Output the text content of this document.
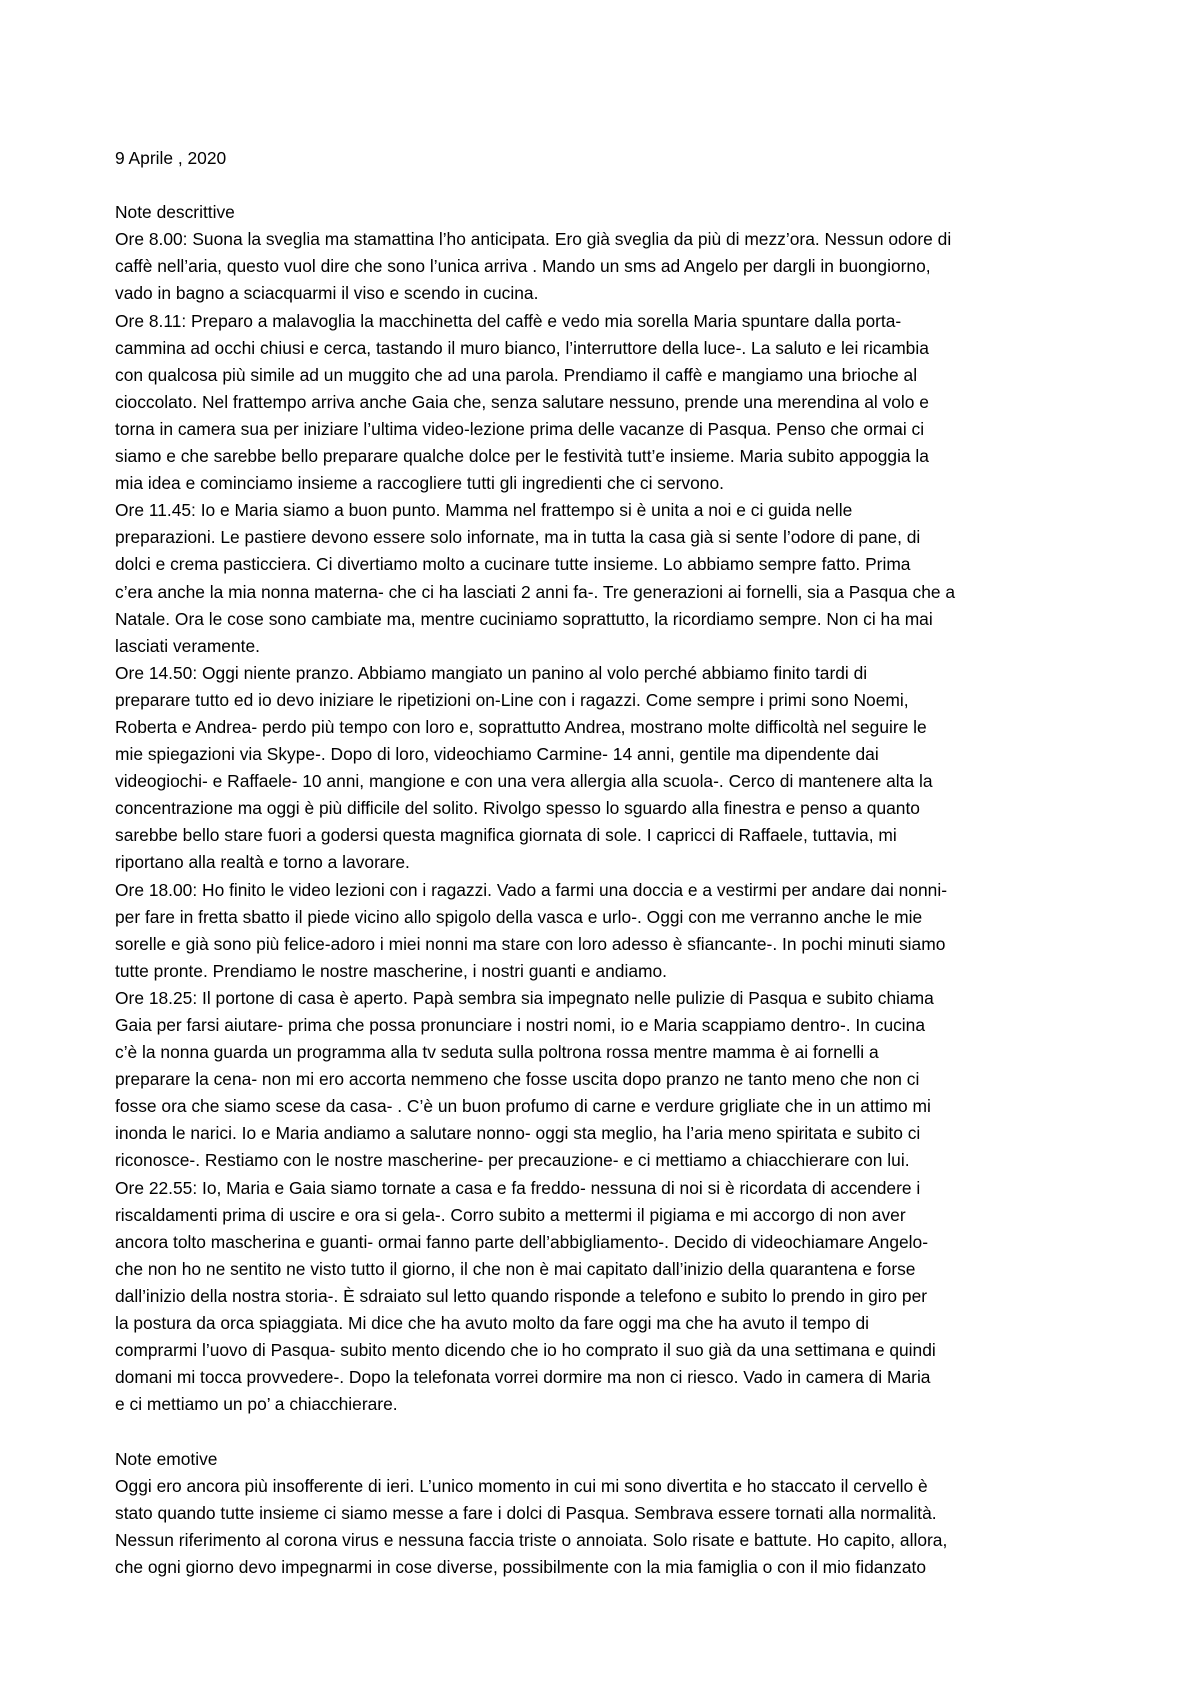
9 Aprile , 2020
Note descrittive
Ore 8.00: Suona la sveglia ma stamattina l’ho anticipata. Ero già sveglia da più di mezz’ora. Nessun odore di
caffè nell’aria, questo vuol dire che sono l’unica arriva . Mando un sms ad Angelo per dargli in buongiorno,
vado in bagno a sciacquarmi il viso e scendo in cucina.
Ore 8.11: Preparo a malavoglia la macchinetta del caffè e vedo mia sorella Maria spuntare dalla porta-
cammina ad occhi chiusi e cerca, tastando il muro bianco, l’interruttore della luce-. La saluto e lei ricambia
con qualcosa più simile ad un muggito che ad una parola. Prendiamo il caffè e mangiamo una brioche al
cioccolato. Nel frattempo arriva anche Gaia che, senza salutare nessuno, prende una merendina al volo e
torna in camera sua per iniziare l’ultima video-lezione prima delle vacanze di Pasqua. Penso che ormai ci
siamo e che sarebbe bello preparare qualche dolce per le festività tutt’e insieme. Maria subito appoggia la
mia idea e cominciamo insieme a raccogliere tutti gli ingredienti che ci servono.
Ore 11.45: Io e Maria siamo a buon punto. Mamma nel frattempo si è unita a noi e ci guida nelle
preparazioni. Le pastiere devono essere solo infornate, ma in tutta la casa già si sente l’odore di pane, di
dolci e crema pasticciera. Ci divertiamo molto a cucinare tutte insieme. Lo abbiamo sempre fatto. Prima
c’era anche la mia nonna materna- che ci ha lasciati 2 anni fa-. Tre generazioni ai fornelli, sia a Pasqua che a
Natale. Ora le cose sono cambiate ma, mentre cuciniamo soprattutto, la ricordiamo sempre. Non ci ha mai
lasciati veramente.
Ore 14.50: Oggi niente pranzo. Abbiamo mangiato un panino al volo perché abbiamo finito tardi di
preparare tutto ed io devo iniziare le ripetizioni on-Line con i ragazzi. Come sempre i primi sono Noemi,
Roberta e Andrea- perdo più tempo con loro e, soprattutto Andrea, mostrano molte difficoltà nel seguire le
mie spiegazioni via Skype-. Dopo di loro, videochiamo Carmine- 14 anni, gentile ma dipendente dai
videogiochi- e Raffaele- 10 anni, mangione e con una vera allergia alla scuola-. Cerco di mantenere alta la
concentrazione ma oggi è più difficile del solito. Rivolgo spesso lo sguardo alla finestra e penso a quanto
sarebbe bello stare fuori a godersi questa magnifica giornata di sole. I capricci di Raffaele, tuttavia, mi
riportano alla realtà e torno a lavorare.
Ore 18.00: Ho finito le video lezioni con i ragazzi. Vado a farmi una doccia e a vestirmi per andare dai nonni-
per fare in fretta sbatto il piede vicino allo spigolo della vasca e urlo-. Oggi con me verranno anche le mie
sorelle e già sono più felice-adoro i miei nonni ma stare con loro adesso è sfiancante-. In pochi minuti siamo
tutte pronte. Prendiamo le nostre mascherine, i nostri guanti e andiamo.
Ore 18.25: Il portone di casa è aperto. Papà sembra sia impegnato nelle pulizie di Pasqua e subito chiama
Gaia per farsi aiutare- prima che possa pronunciare i nostri nomi, io e Maria scappiamo dentro-. In cucina
c’è la nonna guarda un programma alla tv seduta sulla poltrona rossa mentre mamma è ai fornelli a
preparare la cena- non mi ero accorta nemmeno che fosse uscita dopo pranzo ne tanto meno che non ci
fosse ora che siamo scese da casa- . C’è un buon profumo di carne e verdure grigliate che in un attimo mi
inonda le narici. Io e Maria andiamo a salutare nonno- oggi sta meglio, ha l’aria meno spiritata e subito ci
riconosce-. Restiamo con le nostre mascherine- per precauzione- e ci mettiamo a chiacchierare con lui.
Ore 22.55: Io, Maria e Gaia siamo tornate a casa e fa freddo- nessuna di noi si è ricordata di accendere i
riscaldamenti prima di uscire e ora si gela-. Corro subito a mettermi il pigiama e mi accorgo di non aver
ancora tolto mascherina e guanti- ormai fanno parte dell’abbigliamento-. Decido di videochiamare Angelo-
che non ho ne sentito ne visto tutto il giorno, il che non è mai capitato dall’inizio della quarantena e forse
dall’inizio della nostra storia-. È sdraiato sul letto quando risponde a telefono e subito lo prendo in giro per
la postura da orca spiaggiata. Mi dice che ha avuto molto da fare oggi ma che ha avuto il tempo di
comprarmi l’uovo di Pasqua- subito mento dicendo che io ho comprato il suo già da una settimana e quindi
domani mi tocca provvedere-. Dopo la telefonata vorrei dormire ma non ci riesco. Vado in camera di Maria
e ci mettiamo un po’ a chiacchierare.
Note emotive
Oggi ero ancora più insofferente di ieri. L’unico momento in cui mi sono divertita e ho staccato il cervello è
stato quando tutte insieme ci siamo messe a fare i dolci di Pasqua. Sembrava essere tornati alla normalità.
Nessun riferimento al corona virus e nessuna faccia triste o annoiata. Solo risate e battute. Ho capito, allora,
che ogni giorno devo impegnarmi in cose diverse, possibilmente con la mia famiglia o con il mio fidanzato
